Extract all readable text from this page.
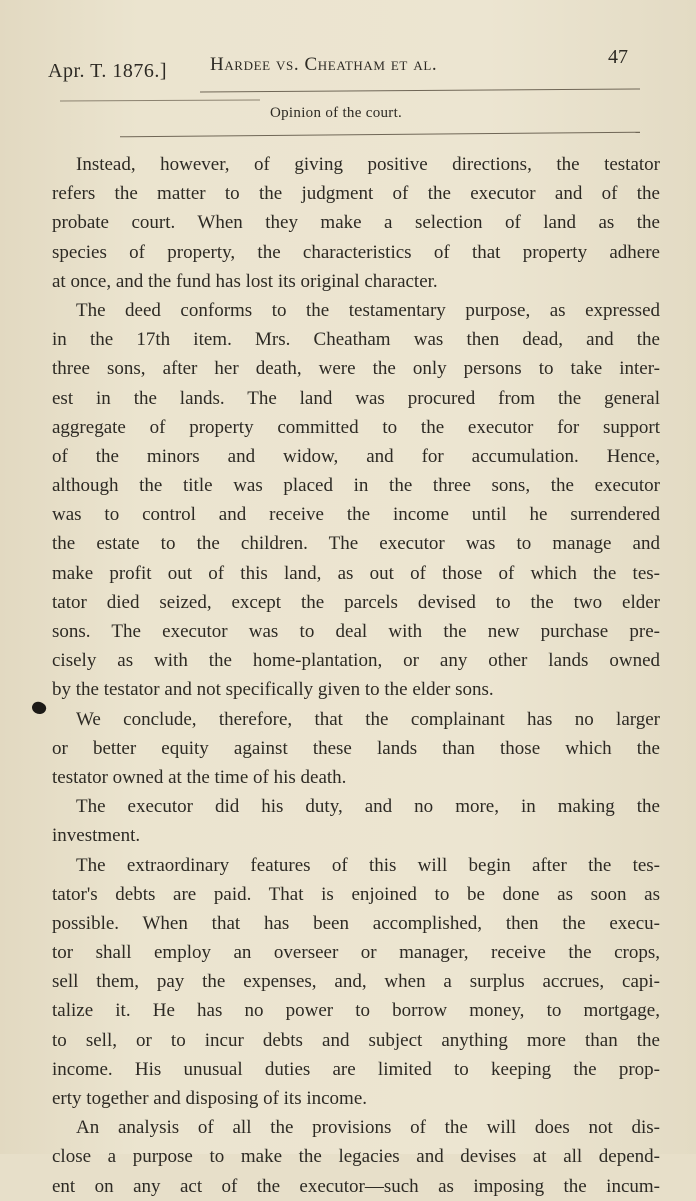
Apr. T. 1876.] Hardee vs. Cheatham et al.	47
Opinion of the court.
Instead, however, of giving positive directions, the testator
refers the matter to the judgment of the executor and of the
probate court. When they make a selection of land as the
species of property, the characteristics of that property adhere
at once, and the fund has lost its original character.
The deed conforms to the testamentary purpose, as expressed
in the 17th item. Mrs. Cheatham was then dead, and the
three sons, after her death, were the only persons to take inter-
est in the lands. The land was procured from the general
aggregate of property committed to the executor for support
of the minors and widow, and for accumulation. Hence,
although the title was placed in the three sons, the executor
was to control and receive the income until he surrendered
the estate to the children. The executor was to manage and
make profit out of this land, as out of those of which the tes-
tator died seized, except the parcels devised to the two elder
sons. The executor was to deal with the new purchase pre-
cisely as with the home-plantation, or any other lands owned
by the testator and not specifically given to the elder sons.
We conclude, therefore, that the complainant has no larger
or better equity against these lands than those which the
testator owned at the time of his death.
The executor did his duty, and no more, in making the
investment.
The extraordinary features of this will begin after the tes-
tator's debts are paid. That is enjoined to be done as soon as
possible. When that has been accomplished, then the execu-
tor shall employ an overseer or manager, receive the crops,
sell them, pay the expenses, and, when a surplus accrues, capi-
talize it. He has no power to borrow money, to mortgage,
to sell, or to incur debts and subject anything more than the
income. His unusual duties are limited to keeping the prop-
erty together and disposing of its income.
An analysis of all the provisions of the will does not dis-
close a purpose to make the legacies and devises at all depend-
ent on any act of the executor—such as imposing the incum-
